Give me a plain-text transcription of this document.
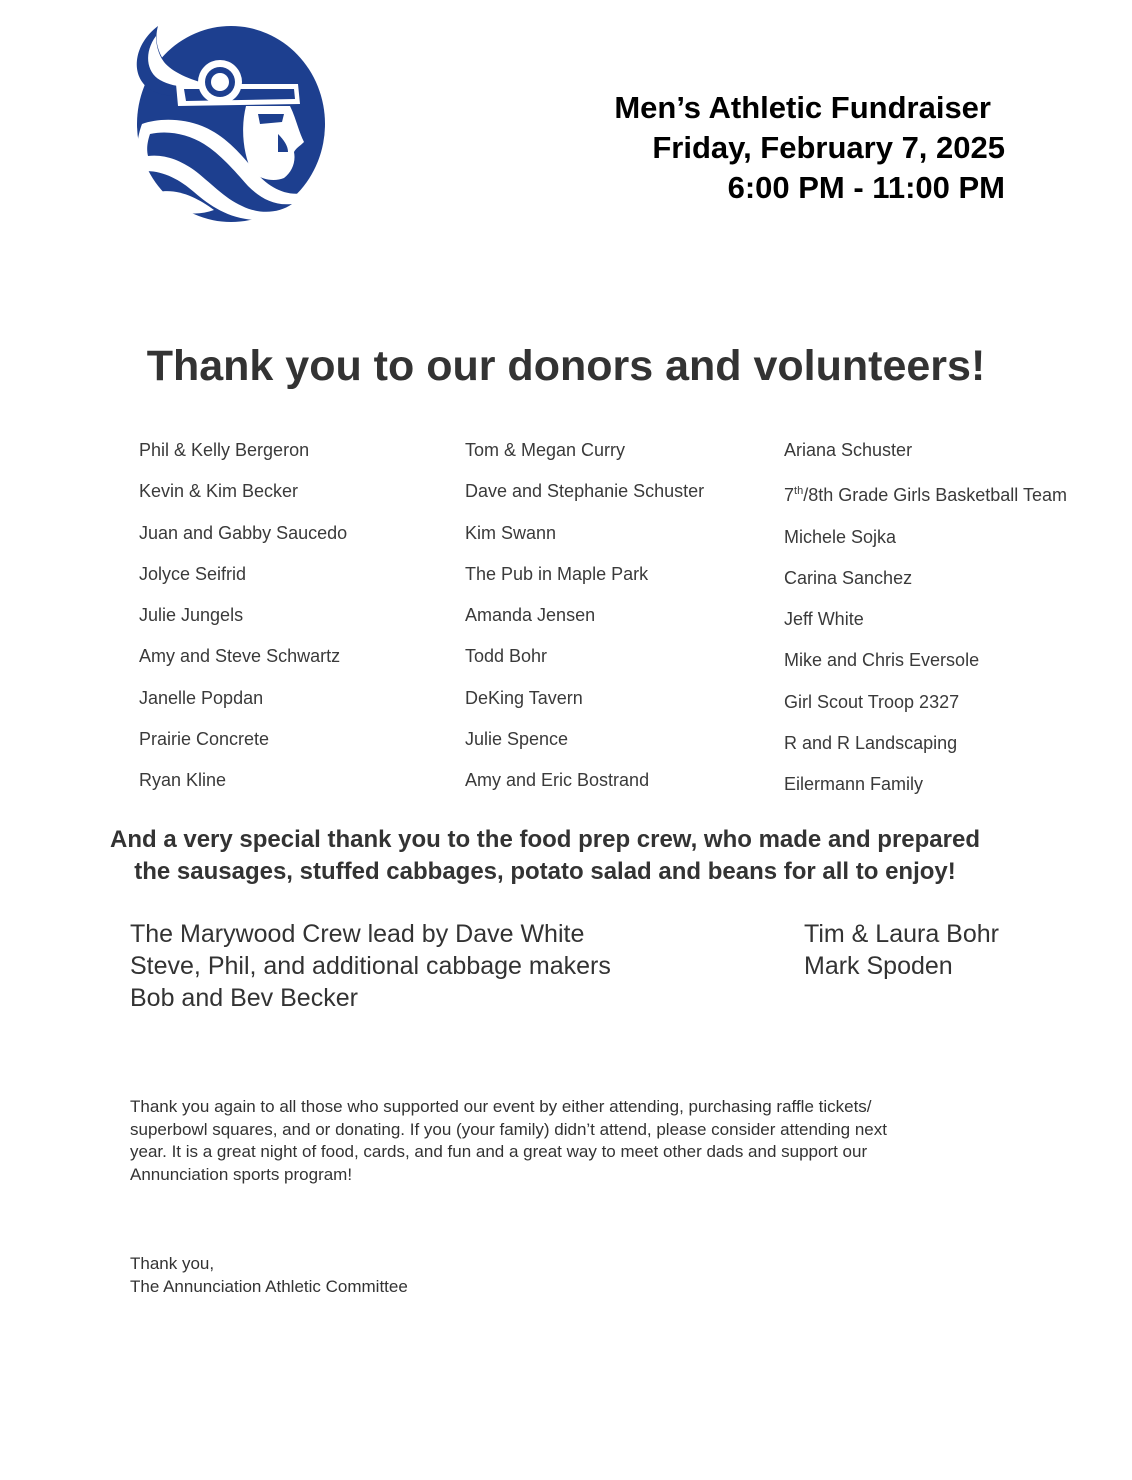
Men’s Athletic Fundraiser
Friday, February 7, 2025
6:00 PM - 11:00 PM
Thank you to our donors and volunteers!
Phil & Kelly Bergeron
Kevin & Kim Becker
Juan and Gabby Saucedo
Jolyce Seifrid
Julie Jungels
Amy and Steve Schwartz
Janelle Popdan
Prairie Concrete
Ryan Kline
Tom & Megan Curry
Dave and Stephanie Schuster
Kim Swann
The Pub in Maple Park
Amanda Jensen
Todd Bohr
DeKing Tavern
Julie Spence
Amy and Eric Bostrand
Ariana Schuster
7th/8th Grade Girls Basketball Team
Michele Sojka
Carina Sanchez
Jeff White
Mike and Chris Eversole
Girl Scout Troop 2327
R and R Landscaping
Eilermann Family
And a very special thank you to the food prep crew, who made and prepared
the sausages, stuffed cabbages, potato salad and beans for all to enjoy!
The Marywood Crew lead by Dave White
Steve, Phil, and additional cabbage makers
Bob and Bev Becker
Tim & Laura Bohr
Mark Spoden
Thank you again to all those who supported our event by either attending, purchasing raffle tickets/
superbowl squares, and or donating. If you (your family) didn’t attend, please consider attending next
year. It is a great night of food, cards, and fun and a great way to meet other dads and support our
Annunciation sports program!
Thank you,
The Annunciation Athletic Committee
